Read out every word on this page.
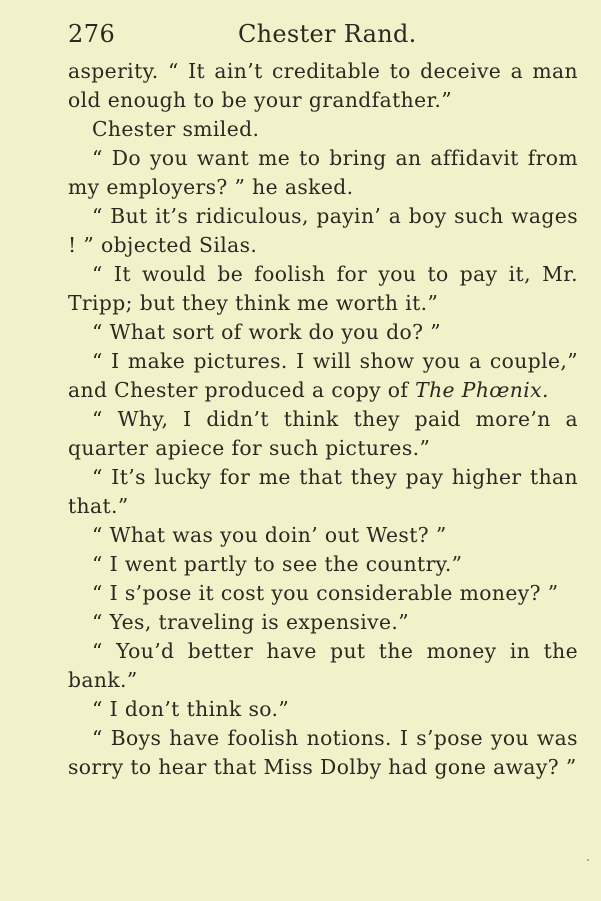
276	Chester Rand.

asperity. “ It ain’t creditable to deceive a man old enough to be your grandfather.”

Chester smiled.

“ Do you want me to bring an affidavit from my employers? ” he asked.

“ But it’s ridiculous, payin’ a boy such wages ! ” objected Silas.

“ It would be foolish for you to pay it, Mr. Tripp; but they think me worth it.”

“ What sort of work do you do? ”

“ I make pictures. I will show you a couple,” and Chester produced a copy of The Phœnix.

“ Why, I didn’t think they paid more’n a quarter apiece for such pictures.”

“ It’s lucky for me that they pay higher than that.”

“ What was you doin’ out West? ”

“ I went partly to see the country.”

“ I s’pose it cost you considerable money? ”

“ Yes, traveling is expensive.”

“ You’d better have put the money in the bank.”

“ I don’t think so.”

“ Boys have foolish notions. I s’pose you was sorry to hear that Miss Dolby had gone away? ”
